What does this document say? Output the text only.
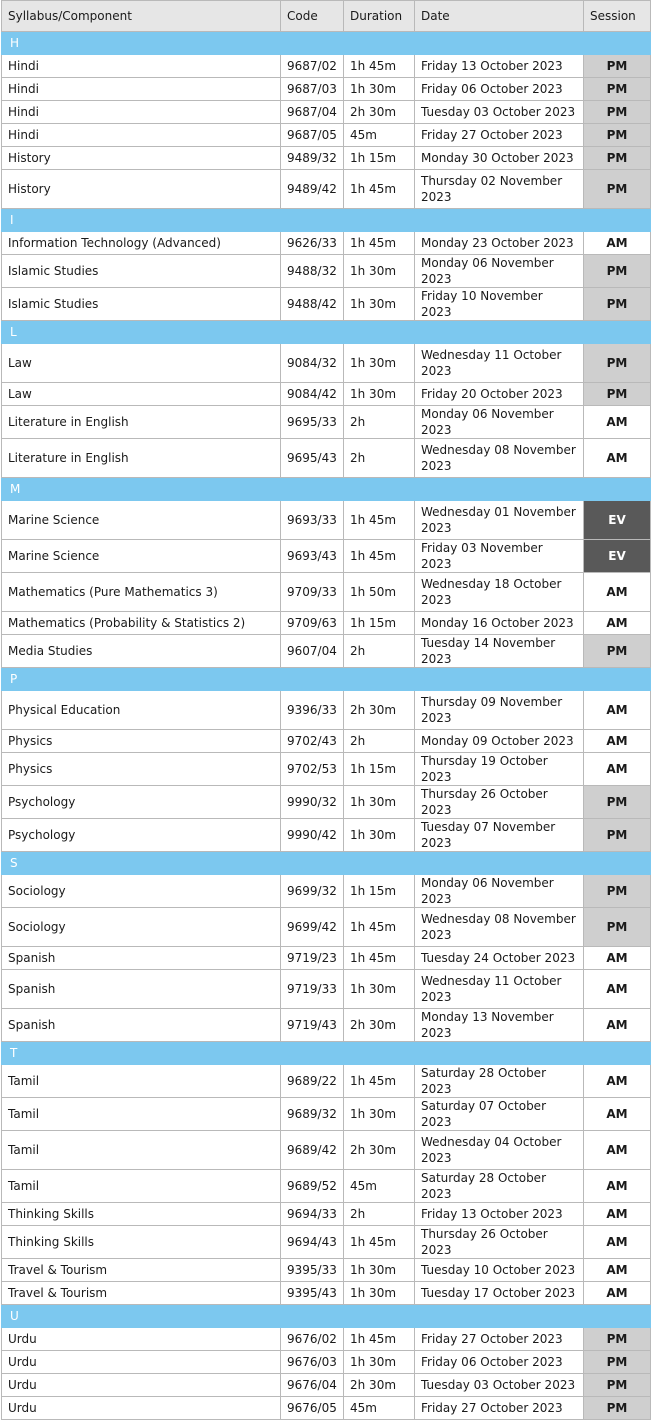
Syllabus/Component	Code	Duration	Date	Session
H				
Hindi	9687/02	1h 45m	Friday 13 October 2023	PM
Hindi	9687/03	1h 30m	Friday 06 October 2023	PM
Hindi	9687/04	2h 30m	Tuesday 03 October 2023	PM
Hindi	9687/05	45m	Friday 27 October 2023	PM
History	9489/32	1h 15m	Monday 30 October 2023	PM
History	9489/42	1h 45m	Thursday 02 November 2023	PM
I				
Information Technology (Advanced)	9626/33	1h 45m	Monday 23 October 2023	AM
Islamic Studies	9488/32	1h 30m	Monday 06 November 2023	PM
Islamic Studies	9488/42	1h 30m	Friday 10 November 2023	PM
L				
Law	9084/32	1h 30m	Wednesday 11 October 2023	PM
Law	9084/42	1h 30m	Friday 20 October 2023	PM
Literature in English	9695/33	2h	Monday 06 November 2023	AM
Literature in English	9695/43	2h	Wednesday 08 November 2023	AM
M				
Marine Science	9693/33	1h 45m	Wednesday 01 November 2023	EV
Marine Science	9693/43	1h 45m	Friday 03 November 2023	EV
Mathematics (Pure Mathematics 3)	9709/33	1h 50m	Wednesday 18 October 2023	AM
Mathematics (Probability & Statistics 2)	9709/63	1h 15m	Monday 16 October 2023	AM
Media Studies	9607/04	2h	Tuesday 14 November 2023	PM
P				
Physical Education	9396/33	2h 30m	Thursday 09 November 2023	AM
Physics	9702/43	2h	Monday 09 October 2023	AM
Physics	9702/53	1h 15m	Thursday 19 October 2023	AM
Psychology	9990/32	1h 30m	Thursday 26 October 2023	PM
Psychology	9990/42	1h 30m	Tuesday 07 November 2023	PM
S				
Sociology	9699/32	1h 15m	Monday 06 November 2023	PM
Sociology	9699/42	1h 45m	Wednesday 08 November 2023	PM
Spanish	9719/23	1h 45m	Tuesday 24 October 2023	AM
Spanish	9719/33	1h 30m	Wednesday 11 October 2023	AM
Spanish	9719/43	2h 30m	Monday 13 November 2023	AM
T				
Tamil	9689/22	1h 45m	Saturday 28 October 2023	AM
Tamil	9689/32	1h 30m	Saturday 07 October 2023	AM
Tamil	9689/42	2h 30m	Wednesday 04 October 2023	AM
Tamil	9689/52	45m	Saturday 28 October 2023	AM
Thinking Skills	9694/33	2h	Friday 13 October 2023	AM
Thinking Skills	9694/43	1h 45m	Thursday 26 October 2023	AM
Travel & Tourism	9395/33	1h 30m	Tuesday 10 October 2023	AM
Travel & Tourism	9395/43	1h 30m	Tuesday 17 October 2023	AM
U				
Urdu	9676/02	1h 45m	Friday 27 October 2023	PM
Urdu	9676/03	1h 30m	Friday 06 October 2023	PM
Urdu	9676/04	2h 30m	Tuesday 03 October 2023	PM
Urdu	9676/05	45m	Friday 27 October 2023	PM
